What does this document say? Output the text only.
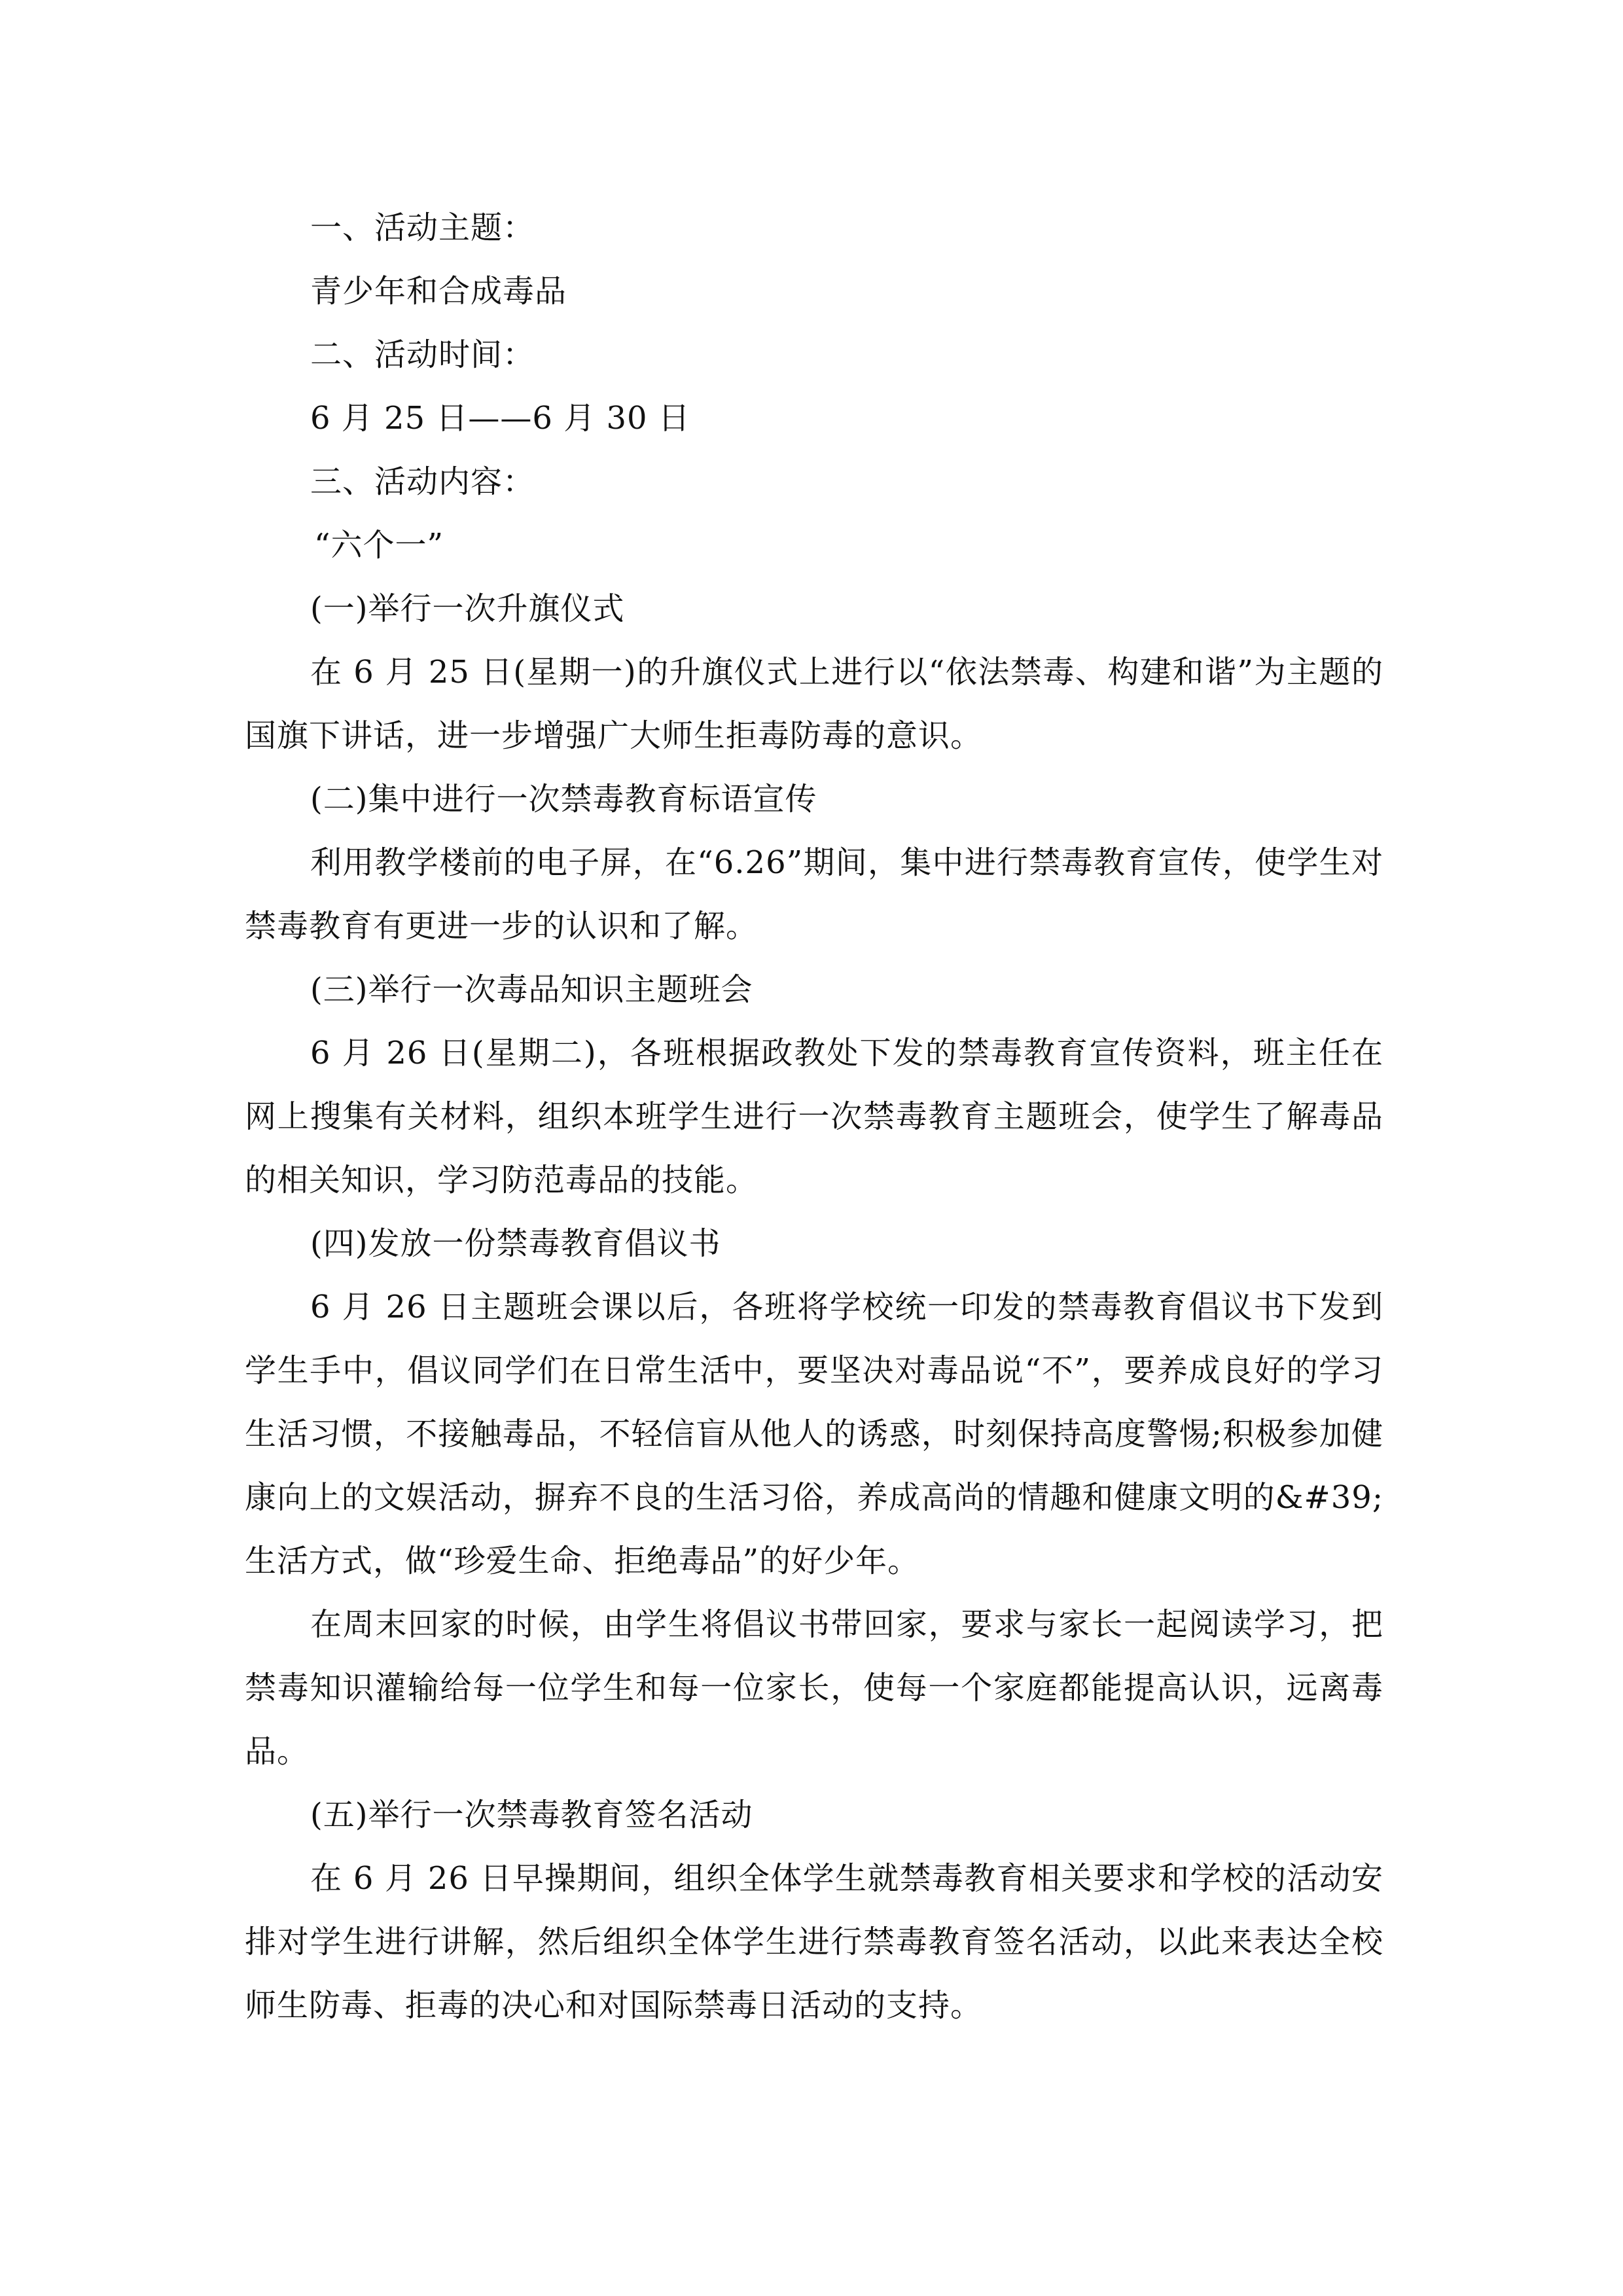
一、活动主题：

青少年和合成毒品

二、活动时间：

6 月 25 日——6 月 30 日

三、活动内容：

“六个一”

(一)举行一次升旗仪式

在 6 月 25 日(星期一)的升旗仪式上进行以“依法禁毒、构建和谐”为主题的国旗下讲话，进一步增强广大师生拒毒防毒的意识。

(二)集中进行一次禁毒教育标语宣传

利用教学楼前的电子屏，在“6.26”期间，集中进行禁毒教育宣传，使学生对禁毒教育有更进一步的认识和了解。

(三)举行一次毒品知识主题班会

6 月 26 日(星期二)，各班根据政教处下发的禁毒教育宣传资料，班主任在网上搜集有关材料，组织本班学生进行一次禁毒教育主题班会，使学生了解毒品的相关知识，学习防范毒品的技能。

(四)发放一份禁毒教育倡议书

6 月 26 日主题班会课以后，各班将学校统一印发的禁毒教育倡议书下发到学生手中，倡议同学们在日常生活中，要坚决对毒品说“不”，要养成良好的学习生活习惯，不接触毒品，不轻信盲从他人的诱惑，时刻保持高度警惕;积极参加健康向上的文娱活动，摒弃不良的生活习俗，养成高尚的情趣和健康文明的&#39;生活方式，做“珍爱生命、拒绝毒品”的好少年。

在周末回家的时候，由学生将倡议书带回家，要求与家长一起阅读学习，把禁毒知识灌输给每一位学生和每一位家长，使每一个家庭都能提高认识，远离毒品。

(五)举行一次禁毒教育签名活动

在 6 月 26 日早操期间，组织全体学生就禁毒教育相关要求和学校的活动安排对学生进行讲解，然后组织全体学生进行禁毒教育签名活动，以此来表达全校师生防毒、拒毒的决心和对国际禁毒日活动的支持。
